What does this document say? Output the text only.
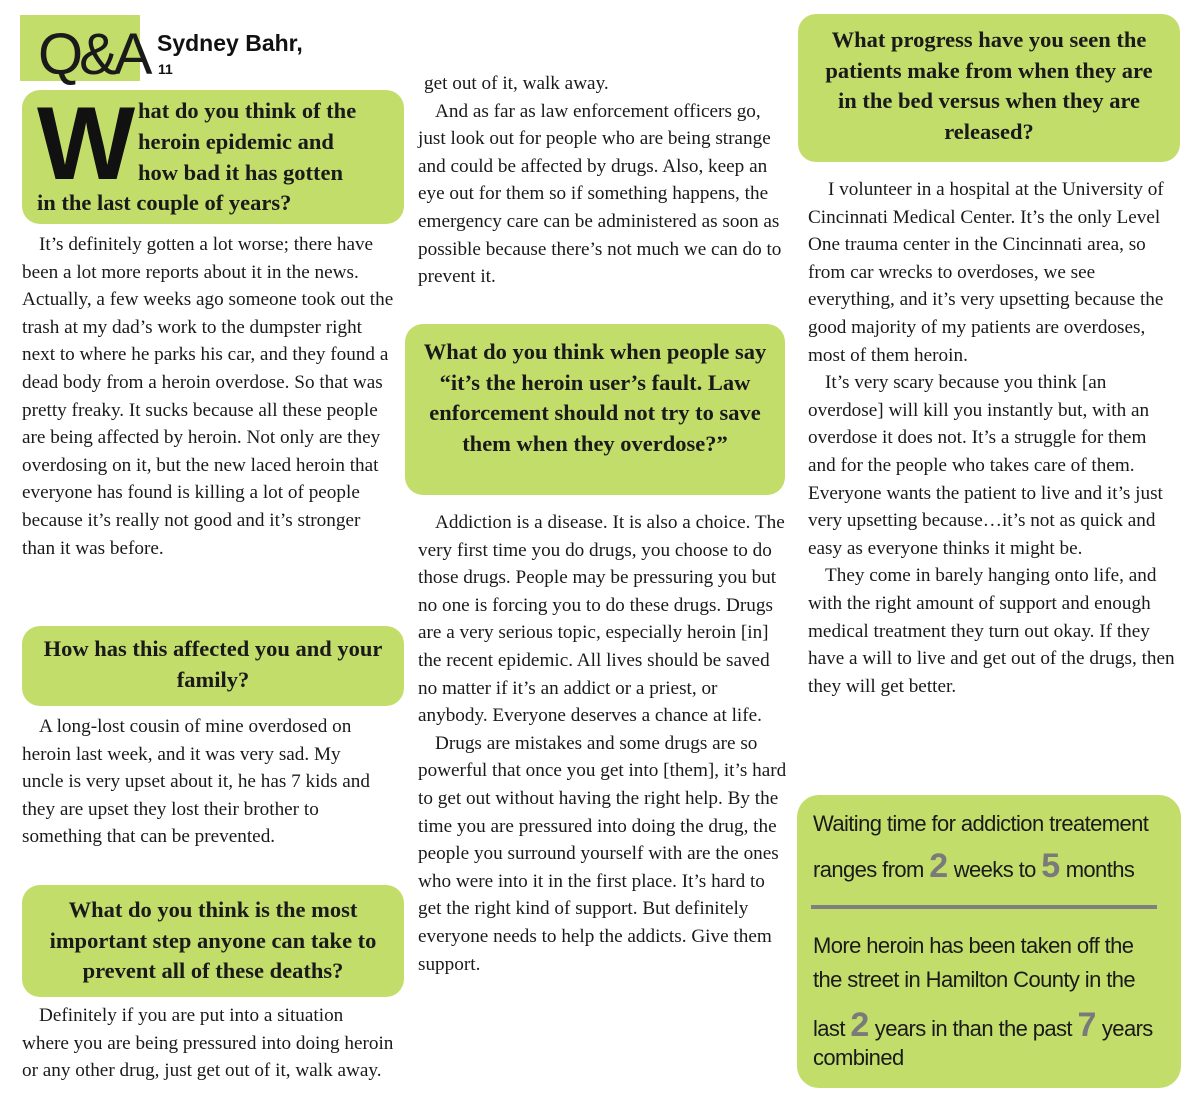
Q&A Sydney Bahr,
11
hat do you think of the
heroin epidemic and
how bad it has gotten
in the last couple of years?
W

It’s definitely gotten a lot worse; there have been a lot more reports about it in the news. Actually, a few weeks ago someone took out the trash at my dad’s work to the dumpster right next to where he parks his car, and they found a dead body from a heroin overdose. So that was pretty freaky. It sucks because all these people are being affected by heroin. Not only are they overdosing on it, but the new laced heroin that everyone has found is killing a lot of people because it’s really not good and it’s stronger than it was before.

How has this affected you and your family?

A long-lost cousin of mine overdosed on heroin last week, and it was very sad. My uncle is very upset about it, he has 7 kids and they are upset they lost their brother to something that can be prevented.

What do you think is the most important step anyone can take to prevent all of these deaths?

Definitely if you are put into a situation where you are being pressured into doing heroin or any other drug, just get out of it, walk away.

get out of it, walk away.

And as far as law enforcement officers go, just look out for people who are being strange and could be affected by drugs. Also, keep an eye out for them so if something happens, the emergency care can be administered as soon as possible because there’s not much we can do to prevent it.

What do you think when people say “it’s the heroin user’s fault. Law enforcement should not try to save them when they overdose?”

Addiction is a disease. It is also a choice. The very first time you do drugs, you choose to do those drugs. People may be pressuring you but no one is forcing you to do these drugs. Drugs are a very serious topic, especially heroin [in] the recent epidemic. All lives should be saved no matter if it’s an addict or a priest, or anybody. Everyone deserves a chance at life.

Drugs are mistakes and some drugs are so powerful that once you get into [them], it’s hard to get out without having the right help. By the time you are pressured into doing the drug, the people you surround yourself with are the ones who were into it in the first place. It’s hard to get the right kind of support. But definitely everyone needs to help the addicts. Give them support.

What progress have you seen the patients make from when they are in the bed versus when they are released?

I volunteer in a hospital at the University of Cincinnati Medical Center. It’s the only Level One trauma center in the Cincinnati area, so from car wrecks to overdoses, we see everything, and it’s very upsetting because the good majority of my patients are overdoses, most of them heroin.

It’s very scary because you think [an overdose] will kill you instantly but, with an overdose it does not. It’s a struggle for them and for the people who takes care of them. Everyone wants the patient to live and it’s just very upsetting because…it’s not as quick and easy as everyone thinks it might be.

They come in barely hanging onto life, and with the right amount of support and enough medical treatment they turn out okay. If they have a will to live and get out of the drugs, then they will get better.

Waiting time for addiction treatement
ranges from 2 weeks to 5 months
More heroin has been taken off the
the street in Hamilton County in the
last 2 years in than the past 7 years
combined
